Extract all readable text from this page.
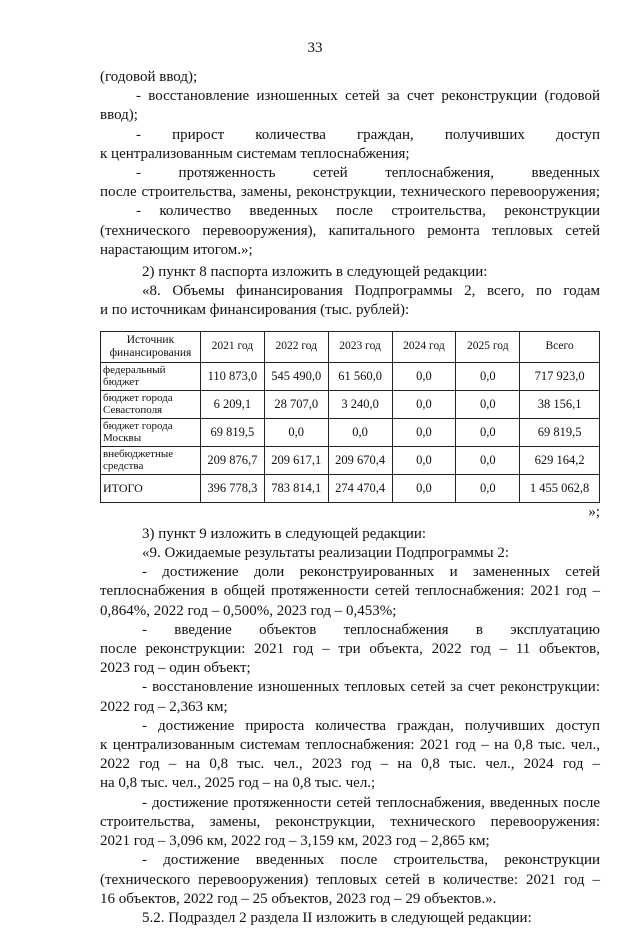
33

(годовой ввод);

- восстановление изношенных сетей за счет реконструкции (годовой

ввод);

- прирост количества граждан, получивших доступ

к централизованным системам теплоснабжения;

- протяженность сетей теплоснабжения, введенных

после строительства, замены, реконструкции, технического перевооружения;

- количество введенных после строительства, реконструкции

(технического перевооружения), капитального ремонта тепловых сетей

нарастающим итогом.»;

2) пункт 8 паспорта изложить в следующей редакции:

«8. Объемы финансирования Подпрограммы 2, всего, по годам

и по источникам финансирования (тыс. рублей):

Источник финансирования	2021 год	2022 год	2023 год	2024 год	2025 год	Всего
федеральный бюджет	110 873,0	545 490,0	61 560,0	0,0	0,0	717 923,0
бюджет города Севастополя	6 209,1	28 707,0	3 240,0	0,0	0,0	38 156,1
бюджет города Москвы	69 819,5	0,0	0,0	0,0	0,0	69 819,5
внебюджетные средства	209 876,7	209 617,1	209 670,4	0,0	0,0	629 164,2
ИТОГО	396 778,3	783 814,1	274 470,4	0,0	0,0	1 455 062,8

»;

3) пункт 9 изложить в следующей редакции:

«9. Ожидаемые результаты реализации Подпрограммы 2:

- достижение доли реконструированных и замененных сетей

теплоснабжения в общей протяженности сетей теплоснабжения: 2021 год –

0,864%, 2022 год – 0,500%, 2023 год – 0,453%;

- введение объектов теплоснабжения в эксплуатацию

после реконструкции: 2021 год – три объекта, 2022 год – 11 объектов,

2023 год – один объект;

- восстановление изношенных тепловых сетей за счет реконструкции:

2022 год – 2,363 км;

- достижение прироста количества граждан, получивших доступ

к централизованным системам теплоснабжения: 2021 год – на 0,8 тыс. чел.,

2022 год – на 0,8 тыс. чел., 2023 год – на 0,8 тыс. чел., 2024 год –

на 0,8 тыс. чел., 2025 год – на 0,8 тыс. чел.;

- достижение протяженности сетей теплоснабжения, введенных после

строительства, замены, реконструкции, технического перевооружения:

2021 год – 3,096 км, 2022 год – 3,159 км, 2023 год – 2,865 км;

- достижение введенных после строительства, реконструкции

(технического перевооружения) тепловых сетей в количестве: 2021 год –

16 объектов, 2022 год – 25 объектов, 2023 год – 29 объектов.».

5.2. Подраздел 2 раздела II изложить в следующей редакции:
